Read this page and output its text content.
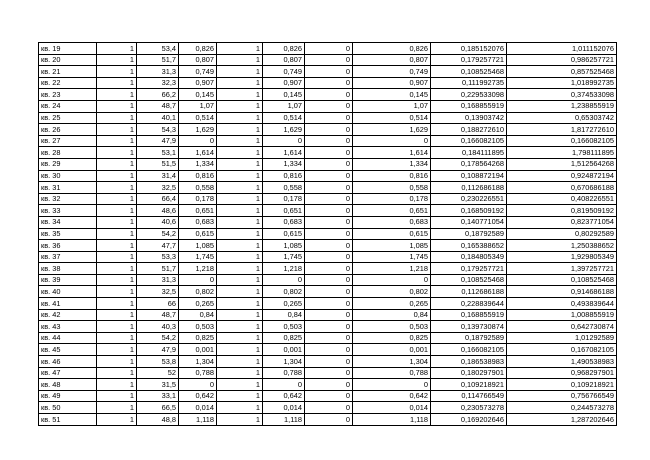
кв. 19	1	53,4	0,826	1	0,826	0	0,826	0,185152076	1,011152076
кв. 20	1	51,7	0,807	1	0,807	0	0,807	0,179257721	0,986257721
кв. 21	1	31,3	0,749	1	0,749	0	0,749	0,108525468	0,857525468
кв. 22	1	32,3	0,907	1	0,907	0	0,907	0,111992735	1,018992735
кв. 23	1	66,2	0,145	1	0,145	0	0,145	0,229533098	0,374533098
кв. 24	1	48,7	1,07	1	1,07	0	1,07	0,168855919	1,238855919
кв. 25	1	40,1	0,514	1	0,514	0	0,514	0,13903742	0,65303742
кв. 26	1	54,3	1,629	1	1,629	0	1,629	0,188272610	1,817272610
кв. 27	1	47,9	0	1	0	0	0	0,166082105	0,166082105
кв. 28	1	53,1	1,614	1	1,614	0	1,614	0,184111895	1,798111895
кв. 29	1	51,5	1,334	1	1,334	0	1,334	0,178564268	1,512564268
кв. 30	1	31,4	0,816	1	0,816	0	0,816	0,108872194	0,924872194
кв. 31	1	32,5	0,558	1	0,558	0	0,558	0,112686188	0,670686188
кв. 32	1	66,4	0,178	1	0,178	0	0,178	0,230226551	0,408226551
кв. 33	1	48,6	0,651	1	0,651	0	0,651	0,168509192	0,819509192
кв. 34	1	40,6	0,683	1	0,683	0	0,683	0,140771054	0,823771054
кв. 35	1	54,2	0,615	1	0,615	0	0,615	0,18792589	0,80292589
кв. 36	1	47,7	1,085	1	1,085	0	1,085	0,165388652	1,250388652
кв. 37	1	53,3	1,745	1	1,745	0	1,745	0,184805349	1,929805349
кв. 38	1	51,7	1,218	1	1,218	0	1,218	0,179257721	1,397257721
кв. 39	1	31,3	0	1	0	0	0	0,108525468	0,108525468
кв. 40	1	32,5	0,802	1	0,802	0	0,802	0,112686188	0,914686188
кв. 41	1	66	0,265	1	0,265	0	0,265	0,228839644	0,493839644
кв. 42	1	48,7	0,84	1	0,84	0	0,84	0,168855919	1,008855919
кв. 43	1	40,3	0,503	1	0,503	0	0,503	0,139730874	0,642730874
кв. 44	1	54,2	0,825	1	0,825	0	0,825	0,18792589	1,01292589
кв. 45	1	47,9	0,001	1	0,001	0	0,001	0,166082105	0,167082105
кв. 46	1	53,8	1,304	1	1,304	0	1,304	0,186538983	1,490538983
кв. 47	1	52	0,788	1	0,788	0	0,788	0,180297901	0,968297901
кв. 48	1	31,5	0	1	0	0	0	0,109218921	0,109218921
кв. 49	1	33,1	0,642	1	0,642	0	0,642	0,114766549	0,756766549
кв. 50	1	66,5	0,014	1	0,014	0	0,014	0,230573278	0,244573278
кв. 51	1	48,8	1,118	1	1,118	0	1,118	0,169202646	1,287202646
